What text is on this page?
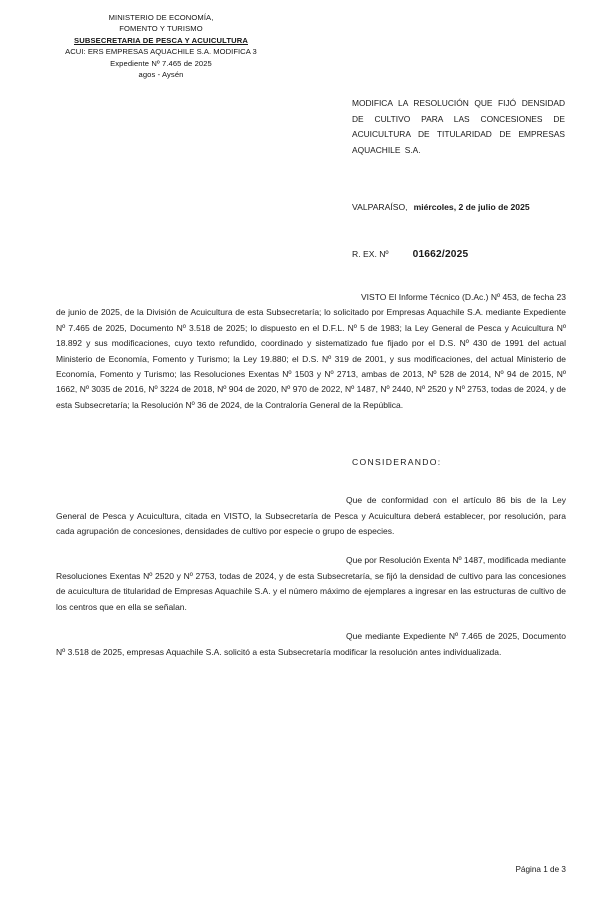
MINISTERIO DE ECONOMÍA,
FOMENTO Y TURISMO
SUBSECRETARIA DE PESCA Y ACUICULTURA
ACUI: ERS EMPRESAS AQUACHILE S.A. MODIFICA 3
Expediente Nº 7.465 de 2025
agos - Aysén
MODIFICA LA RESOLUCIÓN QUE FIJÓ DENSIDAD DE CULTIVO PARA LAS CONCESIONES DE ACUICULTURA DE TITULARIDAD DE EMPRESAS AQUACHILE S.A.
VALPARAÍSO, miércoles, 2 de julio de 2025
R. EX. Nº 01662/2025

VISTO El Informe Técnico (D.Ac.) Nº 453, de fecha 23 de junio de 2025, de la División de Acuicultura de esta Subsecretaría; lo solicitado por Empresas Aquachile S.A. mediante Expediente Nº 7.465 de 2025, Documento Nº 3.518 de 2025; lo dispuesto en el D.F.L. Nº 5 de 1983; la Ley General de Pesca y Acuicultura Nº 18.892 y sus modificaciones, cuyo texto refundido, coordinado y sistematizado fue fijado por el D.S. Nº 430 de 1991 del actual Ministerio de Economía, Fomento y Turismo; la Ley 19.880; el D.S. Nº 319 de 2001, y sus modificaciones, del actual Ministerio de Economía, Fomento y Turismo; las Resoluciones Exentas Nº 1503 y Nº 2713, ambas de 2013, Nº 528 de 2014, Nº 94 de 2015, Nº 1662, Nº 3035 de 2016, Nº 3224 de 2018, Nº 904 de 2020, Nº 970 de 2022, Nº 1487, Nº 2440, Nº 2520 y Nº 2753, todas de 2024, y de esta Subsecretaría; la Resolución Nº 36 de 2024, de la Contraloría General de la República.

CONSIDERANDO:

Que de conformidad con el artículo 86 bis de la Ley General de Pesca y Acuicultura, citada en VISTO, la Subsecretaría de Pesca y Acuicultura deberá establecer, por resolución, para cada agrupación de concesiones, densidades de cultivo por especie o grupo de especies.

Que por Resolución Exenta Nº 1487, modificada mediante Resoluciones Exentas Nº 2520 y Nº 2753, todas de 2024, y de esta Subsecretaría, se fijó la densidad de cultivo para las concesiones de acuicultura de titularidad de Empresas Aquachile S.A. y el número máximo de ejemplares a ingresar en las estructuras de cultivo de los centros que en ella se señalan.

Que mediante Expediente Nº 7.465 de 2025, Documento Nº 3.518 de 2025, empresas Aquachile S.A. solicitó a esta Subsecretaría modificar la resolución antes individualizada.

Página 1 de 3
